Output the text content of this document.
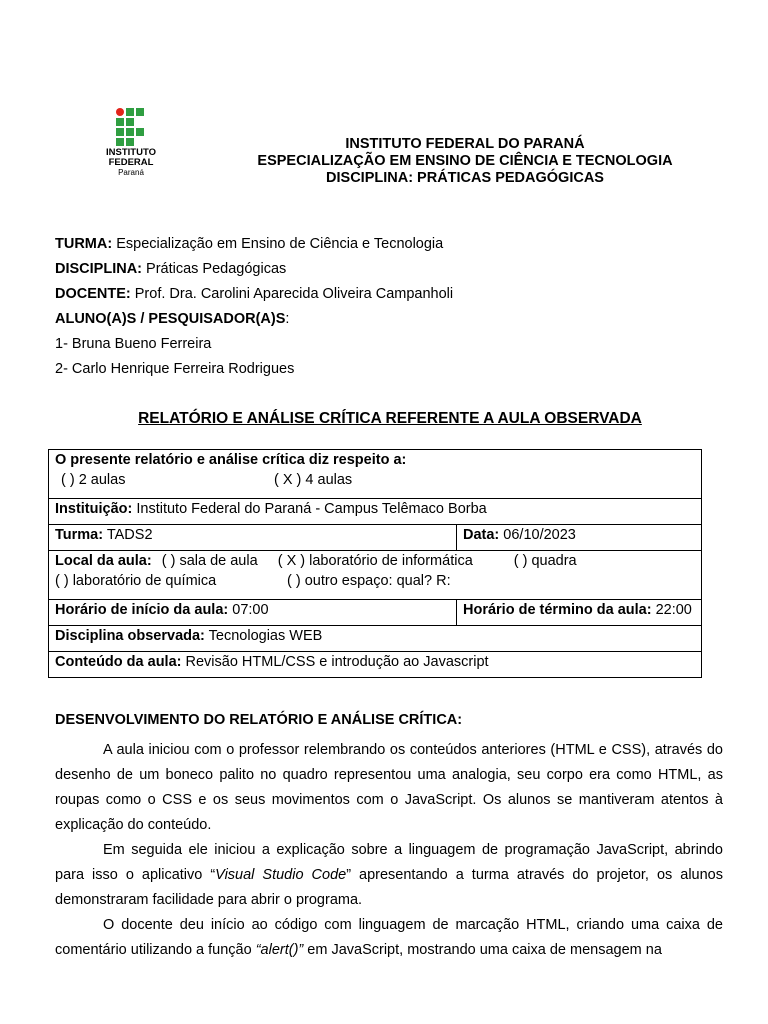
INSTITUTO
FEDERAL
Paraná
INSTITUTO FEDERAL DO PARANÁ
ESPECIALIZAÇÃO EM ENSINO DE CIÊNCIA E TECNOLOGIA
DISCIPLINA: PRÁTICAS PEDAGÓGICAS
TURMA: Especialização em Ensino de Ciência e Tecnologia
DISCIPLINA: Práticas Pedagógicas
DOCENTE: Prof. Dra. Carolini Aparecida Oliveira Campanholi
ALUNO(A)S / PESQUISADOR(A)S:
1- Bruna Bueno Ferreira
2- Carlo Henrique Ferreira Rodrigues
RELATÓRIO E ANÁLISE CRÍTICA REFERENTE A AULA OBSERVADA
O presente relatório e análise crítica diz respeito a:
( ) 2 aulas ( X ) 4 aulas	

Instituição: Instituto Federal do Paraná - Campus Telêmaco Borba	
Turma: TADS2	Data: 06/10/2023

Local da aula: ( ) sala de aula ( X ) laboratório de informática ( ) quadra
( ) laboratório de química ( ) outro espaço: qual? R:	

Horário de início da aula: 07:00	Horário de término da aula: 22:00
Disciplina observada: Tecnologias WEB	
Conteúdo da aula: Revisão HTML/CSS e introdução ao Javascript	
DESENVOLVIMENTO DO RELATÓRIO E ANÁLISE CRÍTICA:

A aula iniciou com o professor relembrando os conteúdos anteriores (HTML e CSS), através do desenho de um boneco palito no quadro representou uma analogia, seu corpo era como HTML, as roupas como o CSS e os seus movimentos com o JavaScript. Os alunos se mantiveram atentos à explicação do conteúdo.

Em seguida ele iniciou a explicação sobre a linguagem de programação JavaScript, abrindo para isso o aplicativo “Visual Studio Code” apresentando a turma através do projetor, os alunos demonstraram facilidade para abrir o programa.

O docente deu início ao código com linguagem de marcação HTML, criando uma caixa de comentário utilizando a função “alert()” em JavaScript, mostrando uma caixa de mensagem na
